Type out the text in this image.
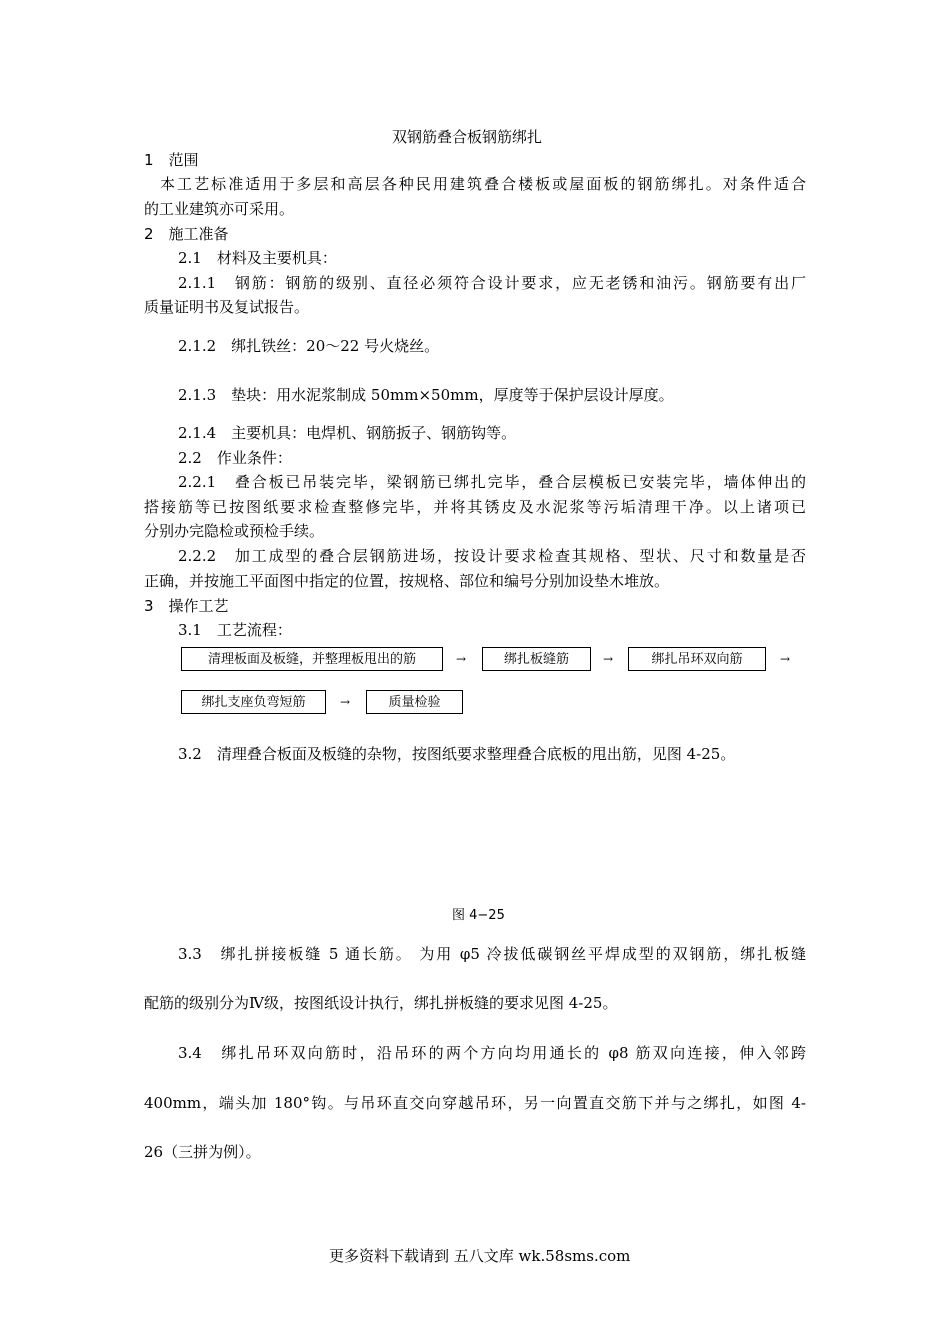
双钢筋叠合板钢筋绑扎
1　范围
本工艺标准适用于多层和高层各种民用建筑叠合楼板或屋面板的钢筋绑扎。对条件适合
的工业建筑亦可采用。
2　施工准备
2.1　材料及主要机具：
2.1.1　钢筋：钢筋的级别、直径必须符合设计要求，应无老锈和油污。钢筋要有出厂
质量证明书及复试报告。
2.1.2　绑扎铁丝：20～22 号火烧丝。
2.1.3　垫块：用水泥浆制成 50mm×50mm，厚度等于保护层设计厚度。
2.1.4　主要机具：电焊机、钢筋扳子、钢筋钩等。
2.2　作业条件：
2.2.1　叠合板已吊装完毕，梁钢筋已绑扎完毕，叠合层模板已安装完毕，墙体伸出的
搭接筋等已按图纸要求检查整修完毕，并将其锈皮及水泥浆等污垢清理干净。以上诸项已
分别办完隐检或预检手续。
2.2.2　加工成型的叠合层钢筋进场，按设计要求检查其规格、型状、尺寸和数量是否
正确，并按施工平面图中指定的位置，按规格、部位和编号分别加设垫木堆放。
3　操作工艺
3.1　工艺流程：
清理板面及板缝，并整理板甩出的筋	→	绑扎板缝筋	→	绑扎吊环双向筋	→
绑扎支座负弯短筋	→	质量检验
3.2　清理叠合板面及板缝的杂物，按图纸要求整理叠合底板的甩出筋，见图 4-25。
图 4−25
3.3　绑扎拼接板缝 5 通长筋。 为用 φ5 冷拔低碳钢丝平焊成型的双钢筋，绑扎板缝
配筋的级别分为Ⅳ级，按图纸设计执行，绑扎拼板缝的要求见图 4-25。
3.4　绑扎吊环双向筋时，沿吊环的两个方向均用通长的 φ8 筋双向连接，伸入邻跨
400mm，端头加 180°钩。与吊环直交向穿越吊环，另一向置直交筋下并与之绑扎，如图 4-
26（三拼为例）。
更多资料下载请到 五八文库 wk.58sms.com
